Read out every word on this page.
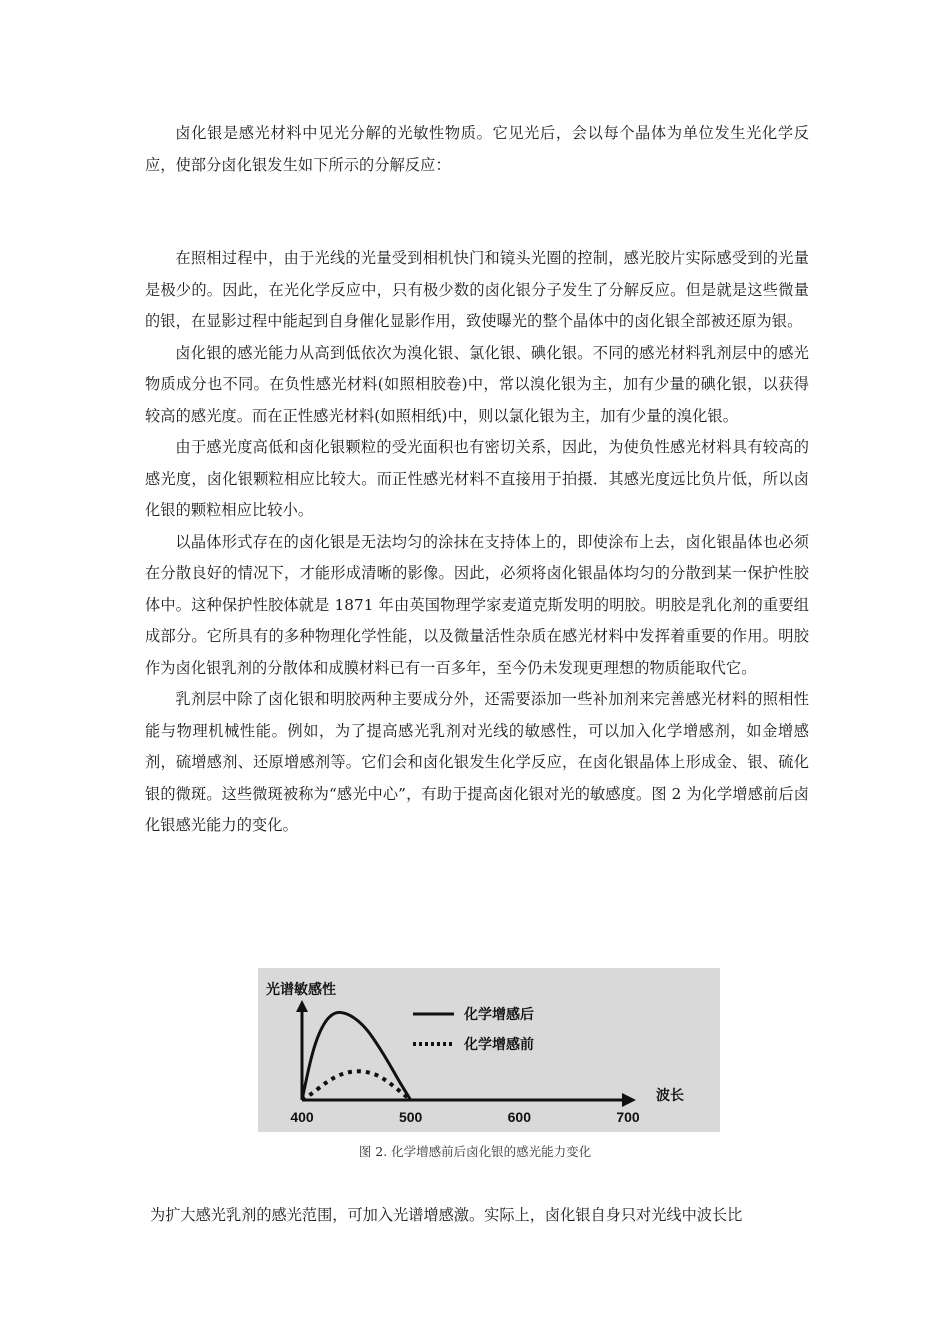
卤化银是感光材料中见光分解的光敏性物质。它见光后，会以每个晶体为单位发生光化学反应，使部分卤化银发生如下所示的分解反应：

在照相过程中，由于光线的光量受到相机快门和镜头光圈的控制，感光胶片实际感受到的光量是极少的。因此，在光化学反应中，只有极少数的卤化银分子发生了分解反应。但是就是这些微量的银，在显影过程中能起到自身催化显影作用，致使曝光的整个晶体中的卤化银全部被还原为银。

卤化银的感光能力从高到低依次为溴化银、氯化银、碘化银。不同的感光材料乳剂层中的感光物质成分也不同。在负性感光材料(如照相胶卷)中，常以溴化银为主，加有少量的碘化银，以获得较高的感光度。而在正性感光材料(如照相纸)中，则以氯化银为主，加有少量的溴化银。

由于感光度高低和卤化银颗粒的受光面积也有密切关系，因此，为使负性感光材料具有较高的感光度，卤化银颗粒相应比较大。而正性感光材料不直接用于拍摄．其感光度远比负片低，所以卤化银的颗粒相应比较小。

以晶体形式存在的卤化银是无法均匀的涂抹在支持体上的，即使涂布上去，卤化银晶体也必须在分散良好的情况下，才能形成清晰的影像。因此，必须将卤化银晶体均匀的分散到某一保护性胶体中。这种保护性胶体就是 1871 年由英国物理学家麦道克斯发明的明胶。明胶是乳化剂的重要组成部分。它所具有的多种物理化学性能，以及微量活性杂质在感光材料中发挥着重要的作用。明胶作为卤化银乳剂的分散体和成膜材料已有一百多年，至今仍未发现更理想的物质能取代它。

乳剂层中除了卤化银和明胶两种主要成分外，还需要添加一些补加剂来完善感光材料的照相性能与物理机械性能。例如，为了提高感光乳剂对光线的敏感性，可以加入化学增感剂，如金增感剂，硫增感剂、还原增感剂等。它们会和卤化银发生化学反应，在卤化银晶体上形成金、银、硫化银的微斑。这些微斑被称为“感光中心”，有助于提高卤化银对光的敏感度。图 2 为化学增感前后卤化银感光能力的变化。

光谱敏感性
波长
400	500	600	700
化学增感后
化学增感前
图 2. 化学增感前后卤化银的感光能力变化

为扩大感光乳剂的感光范围，可加入光谱增感激。实际上，卤化银自身只对光线中波长比
